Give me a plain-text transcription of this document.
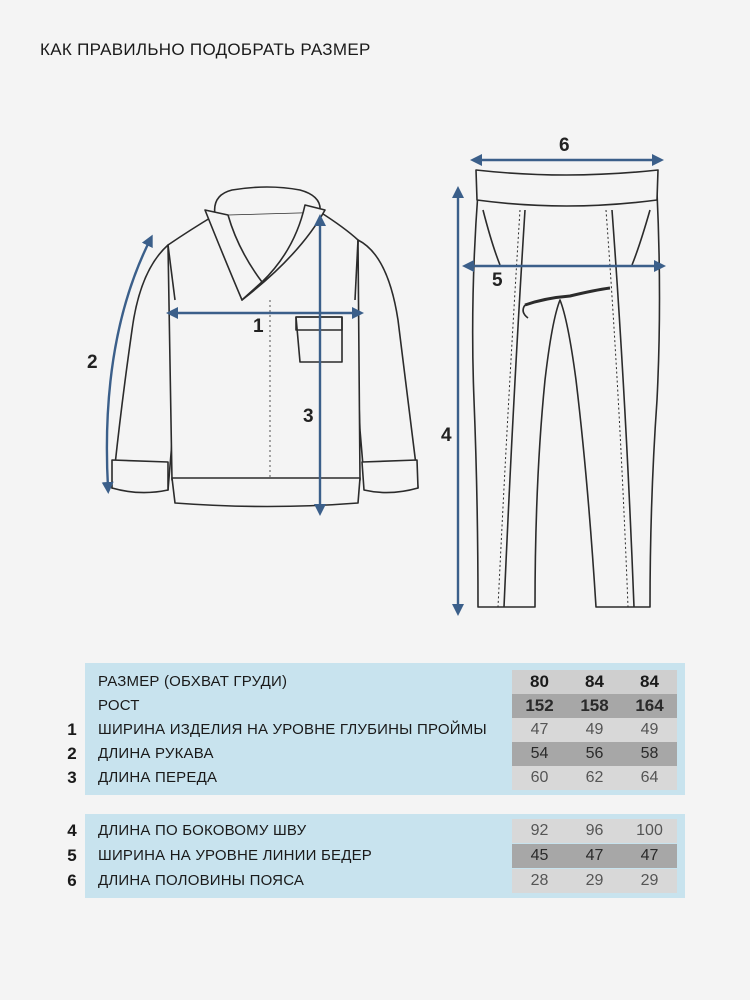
КАК ПРАВИЛЬНО ПОДОБРАТЬ РАЗМЕР
1
2
3
4
5
6
РАЗМЕР (ОБХВАТ ГРУДИ)	80	84	84
РОСТ	152	158	164
1	ШИРИНА ИЗДЕЛИЯ НА УРОВНЕ ГЛУБИНЫ ПРОЙМЫ	47	49	49
2	ДЛИНА РУКАВА	54	56	58
3	ДЛИНА ПЕРЕДА	60	62	64
4	ДЛИНА ПО БОКОВОМУ ШВУ	92	96	100
5	ШИРИНА НА УРОВНЕ ЛИНИИ БЕДЕР	45	47	47
6	ДЛИНА ПОЛОВИНЫ ПОЯСА	28	29	29
